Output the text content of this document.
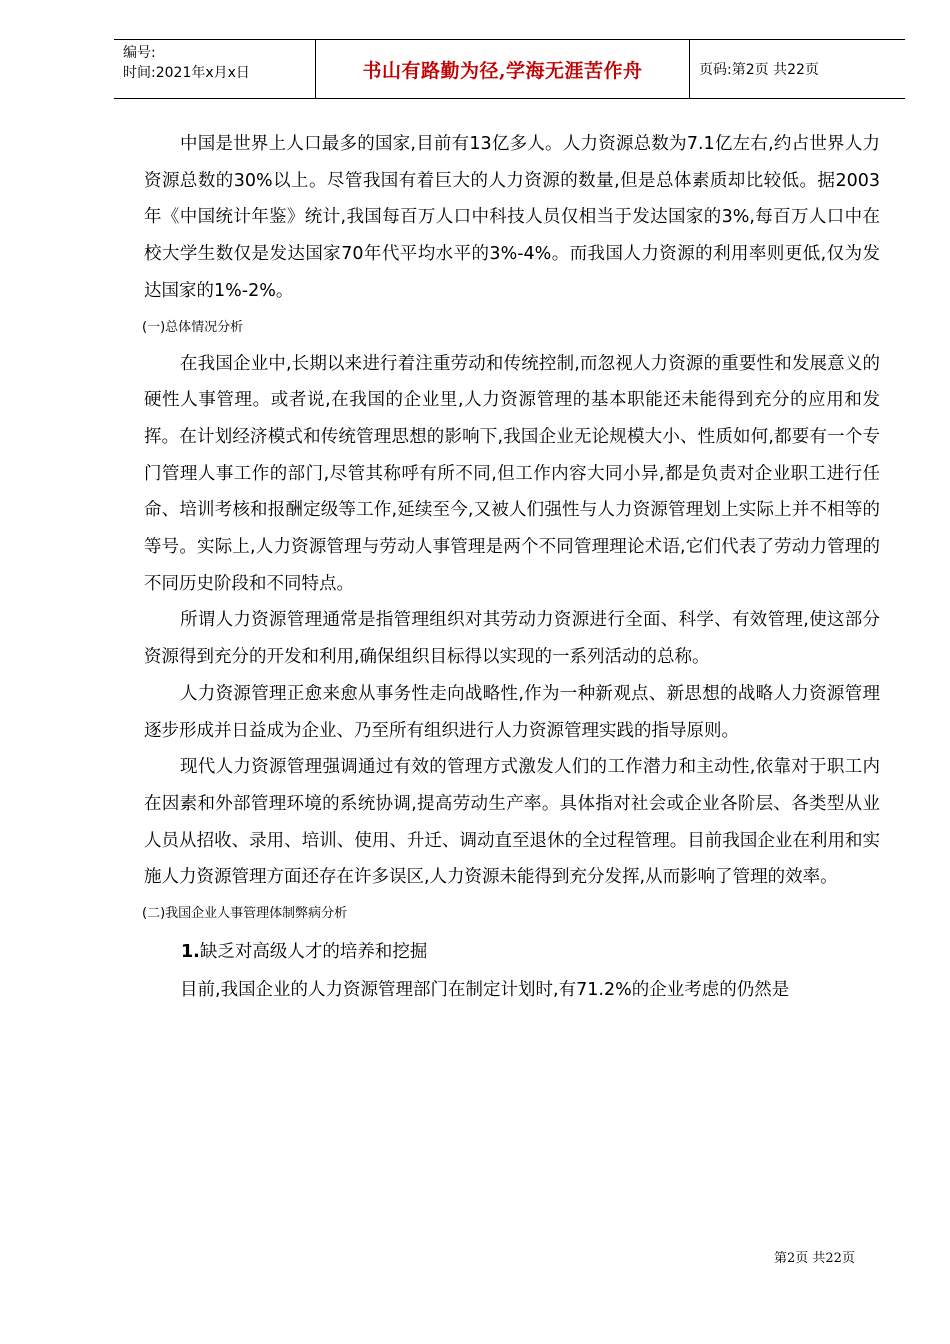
编号:
时间:2021年x月x日	书山有路勤为径,学海无涯苦作舟	页码:第2页 共22页

中国是世界上人口最多的国家,目前有13亿多人。人力资源总数为7.1亿左右,约占世界人力资源总数的30%以上。尽管我国有着巨大的人力资源的数量,但是总体素质却比较低。据2003年《中国统计年鉴》统计,我国每百万人口中科技人员仅相当于发达国家的3%,每百万人口中在校大学生数仅是发达国家70年代平均水平的3%-4%。而我国人力资源的利用率则更低,仅为发达国家的1%-2%。

(一)总体情况分析

在我国企业中,长期以来进行着注重劳动和传统控制,而忽视人力资源的重要性和发展意义的硬性人事管理。或者说,在我国的企业里,人力资源管理的基本职能还未能得到充分的应用和发挥。在计划经济模式和传统管理思想的影响下,我国企业无论规模大小、性质如何,都要有一个专门管理人事工作的部门,尽管其称呼有所不同,但工作内容大同小异,都是负责对企业职工进行任命、培训考核和报酬定级等工作,延续至今,又被人们强性与人力资源管理划上实际上并不相等的等号。实际上,人力资源管理与劳动人事管理是两个不同管理理论术语,它们代表了劳动力管理的不同历史阶段和不同特点。

所谓人力资源管理通常是指管理组织对其劳动力资源进行全面、科学、有效管理,使这部分资源得到充分的开发和利用,确保组织目标得以实现的一系列活动的总称。

人力资源管理正愈来愈从事务性走向战略性,作为一种新观点、新思想的战略人力资源管理逐步形成并日益成为企业、乃至所有组织进行人力资源管理实践的指导原则。

现代人力资源管理强调通过有效的管理方式激发人们的工作潜力和主动性,依靠对于职工内在因素和外部管理环境的系统协调,提高劳动生产率。具体指对社会或企业各阶层、各类型从业人员从招收、录用、培训、使用、升迁、调动直至退休的全过程管理。目前我国企业在利用和实施人力资源管理方面还存在许多误区,人力资源未能得到充分发挥,从而影响了管理的效率。

(二)我国企业人事管理体制弊病分析

1.缺乏对高级人才的培养和挖掘

目前,我国企业的人力资源管理部门在制定计划时,有71.2%的企业考虑的仍然是

第2页 共22页
